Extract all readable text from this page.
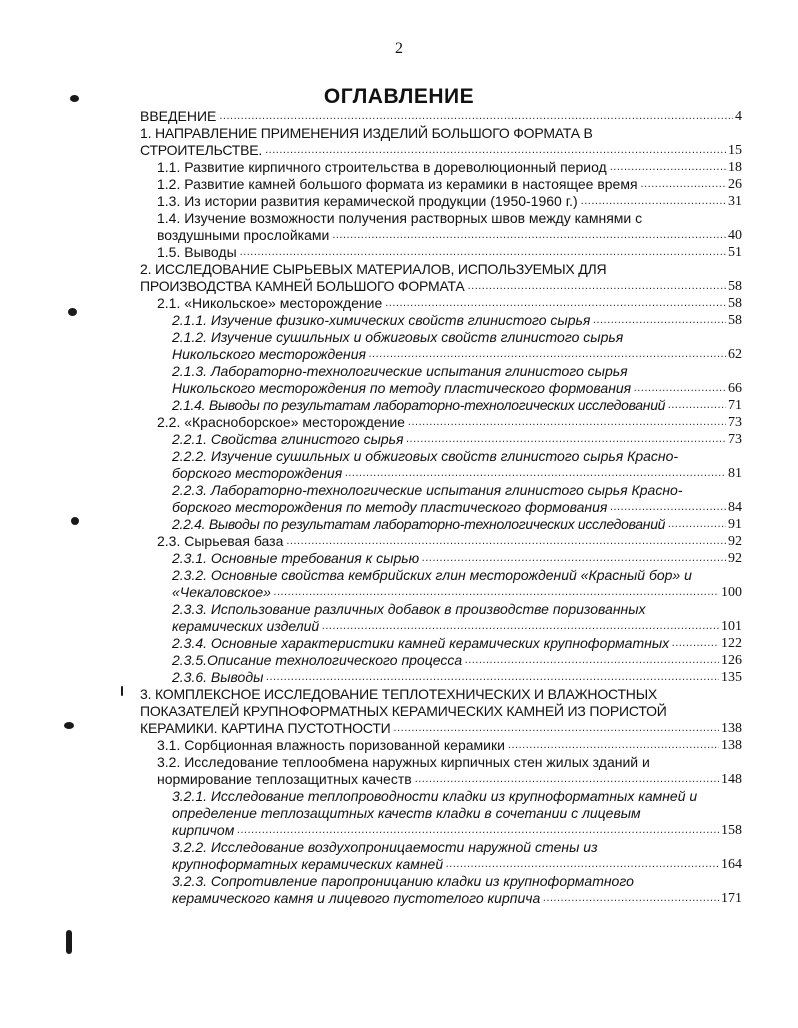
2
ОГЛАВЛЕНИЕ
ВВЕДЕНИЕ	4
.....
1. НАПРАВЛЕНИЕ ПРИМЕНЕНИЯ ИЗДЕЛИЙ БОЛЬШОГО ФОРМАТА В
СТРОИТЕЛЬСТВЕ.	15
.....
1.1. Развитие кирпичного строительства в дореволюционный период	18
.....
1.2. Развитие камней большого формата из керамики в настоящее время	26
.....
1.3. Из истории развития керамической продукции (1950-1960 г.)	31
.....
1.4. Изучение возможности получения растворных швов между камнями с
воздушными прослойками	40
.....
1.5. Выводы	51
.....
2. ИССЛЕДОВАНИЕ СЫРЬЕВЫХ МАТЕРИАЛОВ, ИСПОЛЬЗУЕМЫХ ДЛЯ
ПРОИЗВОДСТВА КАМНЕЙ БОЛЬШОГО ФОРМАТА	58
.....
2.1. «Никольское» месторождение	58
.....
2.1.1. Изучение физико-химических свойств глинистого сырья	58
.....
2.1.2. Изучение сушильных и обжиговых свойств глинистого сырья
Никольского месторождения	62
.....
2.1.3. Лабораторно-технологические испытания глинистого сырья
Никольского месторождения по методу пластического формования	66
.....
2.1.4. Выводы по результатам лабораторно-технологических исследований	71
.....
2.2. «Красноборское» месторождение	73
.....
2.2.1. Свойства глинистого сырья	73
.....
2.2.2. Изучение сушильных и обжиговых свойств глинистого сырья Красно-
борского месторождения	81
.....
2.2.3. Лабораторно-технологические испытания глинистого сырья Красно-
борского месторождения по методу пластического формования	84
.....
2.2.4. Выводы по результатам лабораторно-технологических исследований	91
.....
2.3. Сырьевая база	92
.....
2.3.1. Основные требования к сырью	92
.....
2.3.2. Основные свойства кембрийских глин месторождений «Красный бор» и
«Чекаловское»	100
.....
2.3.3. Использование различных добавок в производстве поризованных
керамических изделий	101
.....
2.3.4. Основные характеристики камней керамических крупноформатных	122
.....
2.3.5.Описание технологического процесса	126
.....
2.3.6. Выводы	135
.....
3. КОМПЛЕКСНОЕ ИССЛЕДОВАНИЕ ТЕПЛОТЕХНИЧЕСКИХ И ВЛАЖНОСТНЫХ
ПОКАЗАТЕЛЕЙ КРУПНОФОРМАТНЫХ КЕРАМИЧЕСКИХ КАМНЕЙ ИЗ ПОРИСТОЙ
КЕРАМИКИ. КАРТИНА ПУСТОТНОСТИ	138
.....
3.1. Сорбционная влажность поризованной керамики	138
.....
3.2. Исследование теплообмена наружных кирпичных стен жилых зданий и
нормирование теплозащитных качеств	148
.....
3.2.1. Исследование теплопроводности кладки из крупноформатных камней и
определение теплозащитных качеств кладки в сочетании с лицевым
кирпичом	158
.....
3.2.2. Исследование воздухопроницаемости наружной стены из
крупноформатных керамических камней	164
.....
3.2.3. Сопротивление паропроницанию кладки из крупноформатного
керамического камня и лицевого пустотелого кирпича	171
.....
